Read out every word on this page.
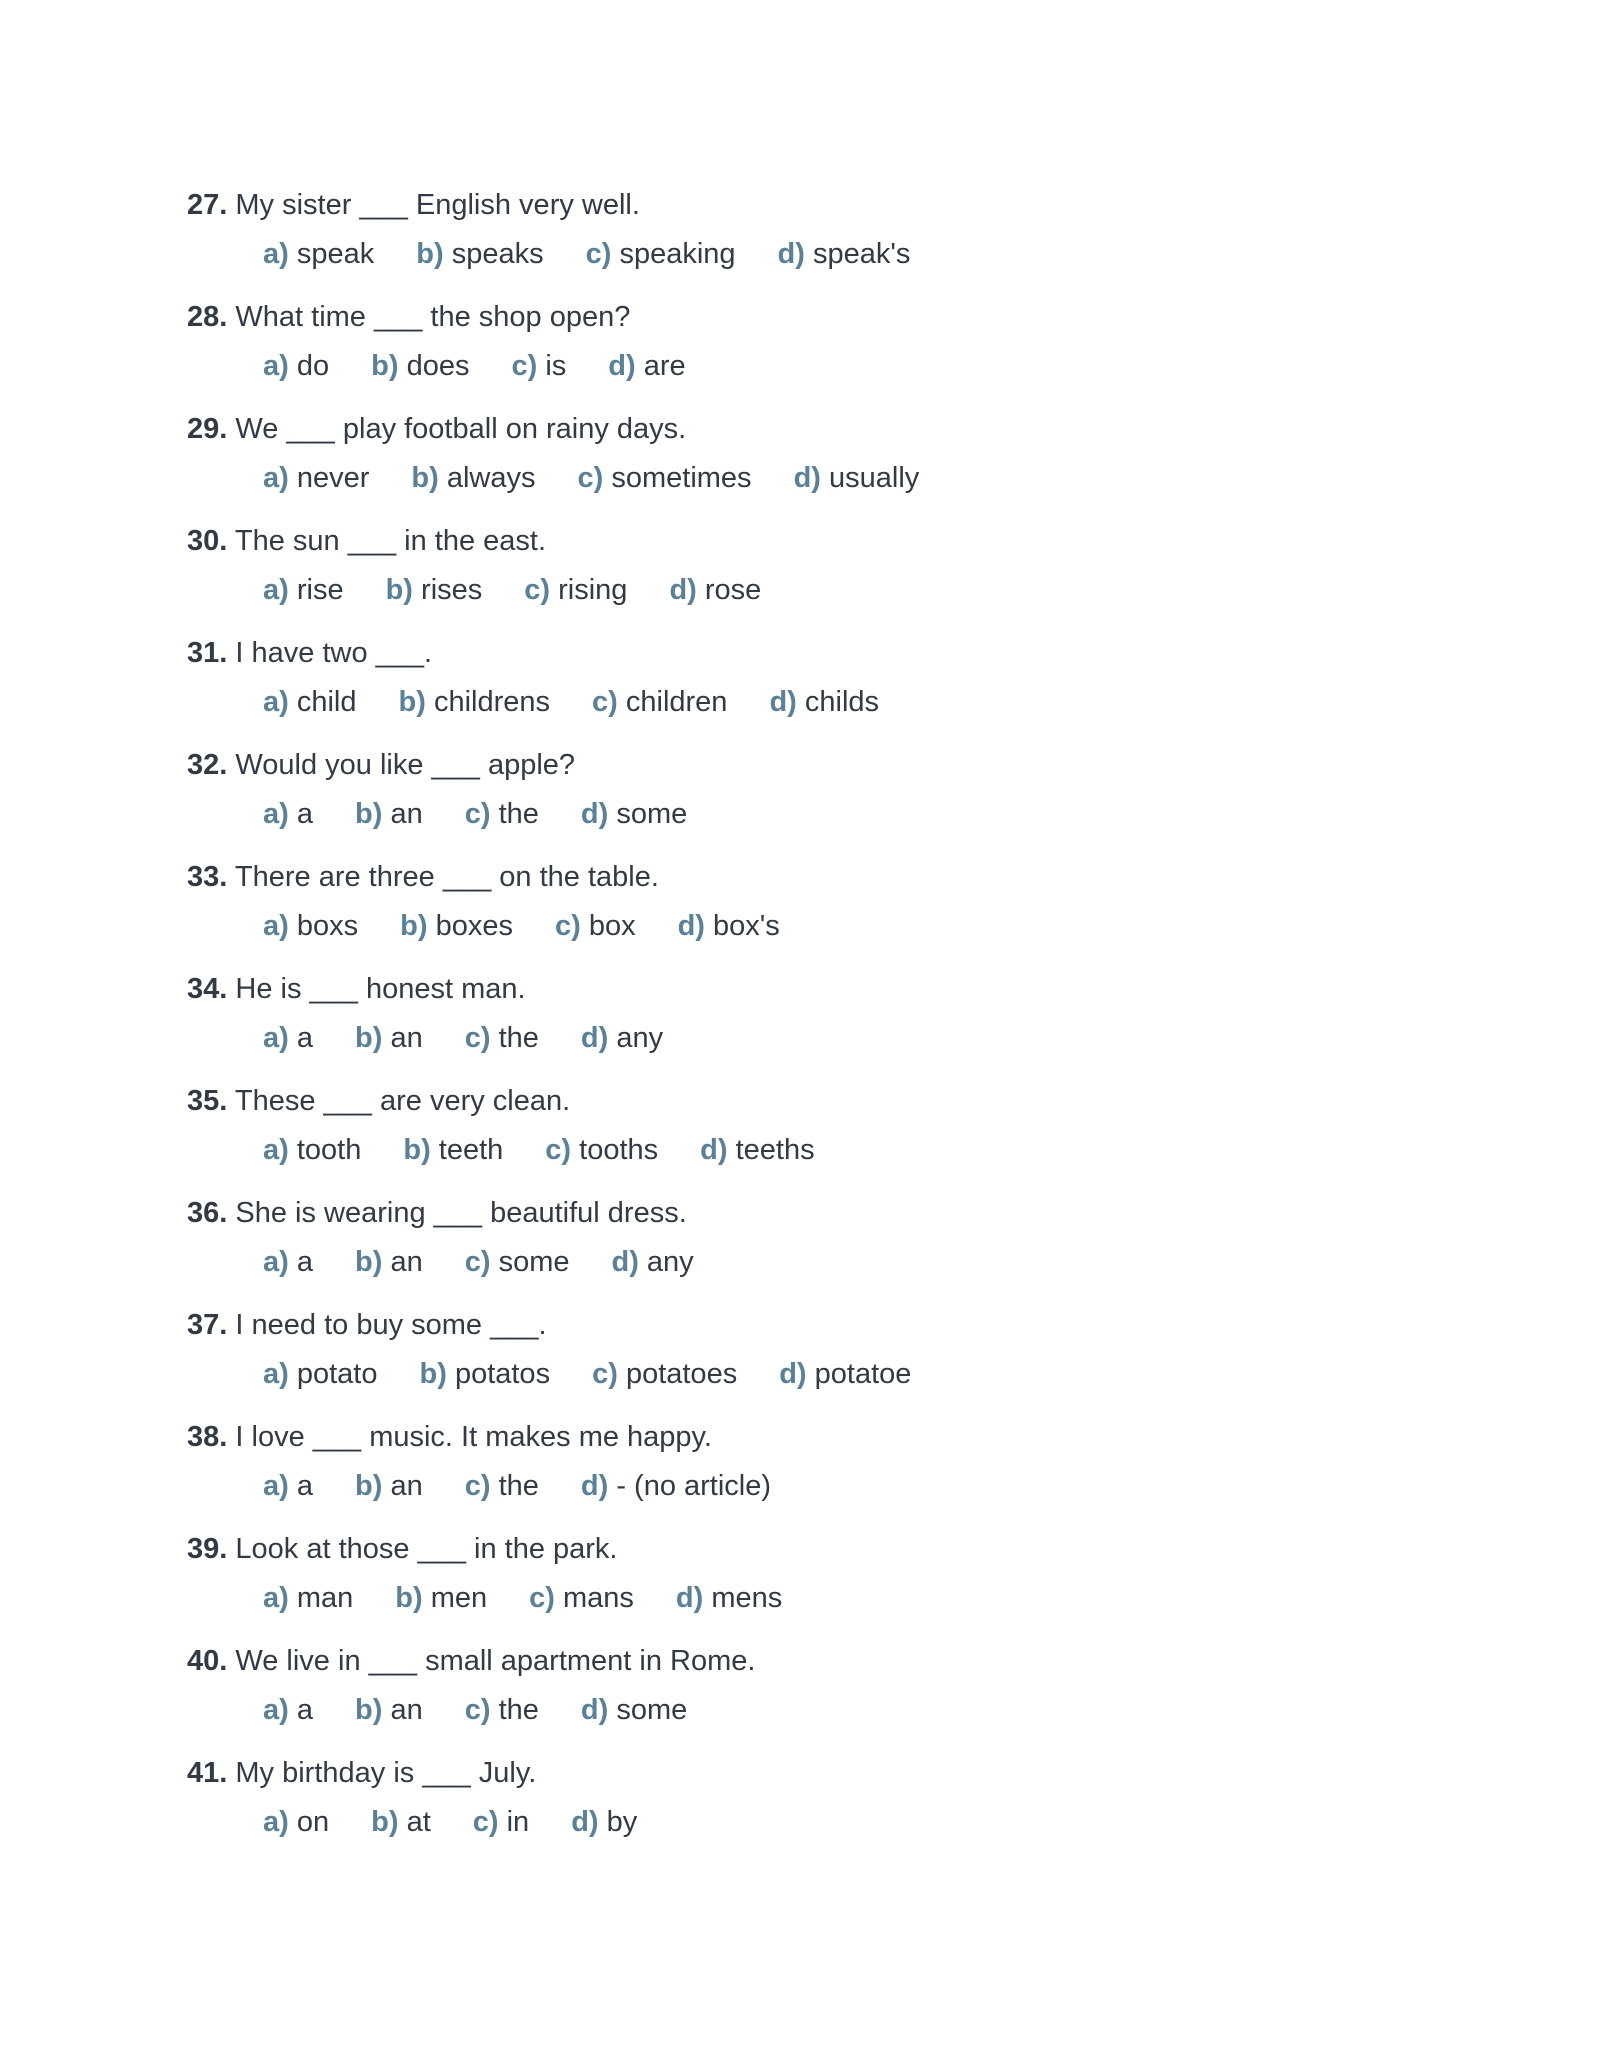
27. My sister ___ English very well.
a) speak b) speaks c) speaking d) speak's
28. What time ___ the shop open?
a) do b) does c) is d) are
29. We ___ play football on rainy days.
a) never b) always c) sometimes d) usually
30. The sun ___ in the east.
a) rise b) rises c) rising d) rose
31. I have two ___.
a) child b) childrens c) children d) childs
32. Would you like ___ apple?
a) a b) an c) the d) some
33. There are three ___ on the table.
a) boxs b) boxes c) box d) box's
34. He is ___ honest man.
a) a b) an c) the d) any
35. These ___ are very clean.
a) tooth b) teeth c) tooths d) teeths
36. She is wearing ___ beautiful dress.
a) a b) an c) some d) any
37. I need to buy some ___.
a) potato b) potatos c) potatoes d) potatoe
38. I love ___ music. It makes me happy.
a) a b) an c) the d) - (no article)
39. Look at those ___ in the park.
a) man b) men c) mans d) mens
40. We live in ___ small apartment in Rome.
a) a b) an c) the d) some
41. My birthday is ___ July.
a) on b) at c) in d) by
